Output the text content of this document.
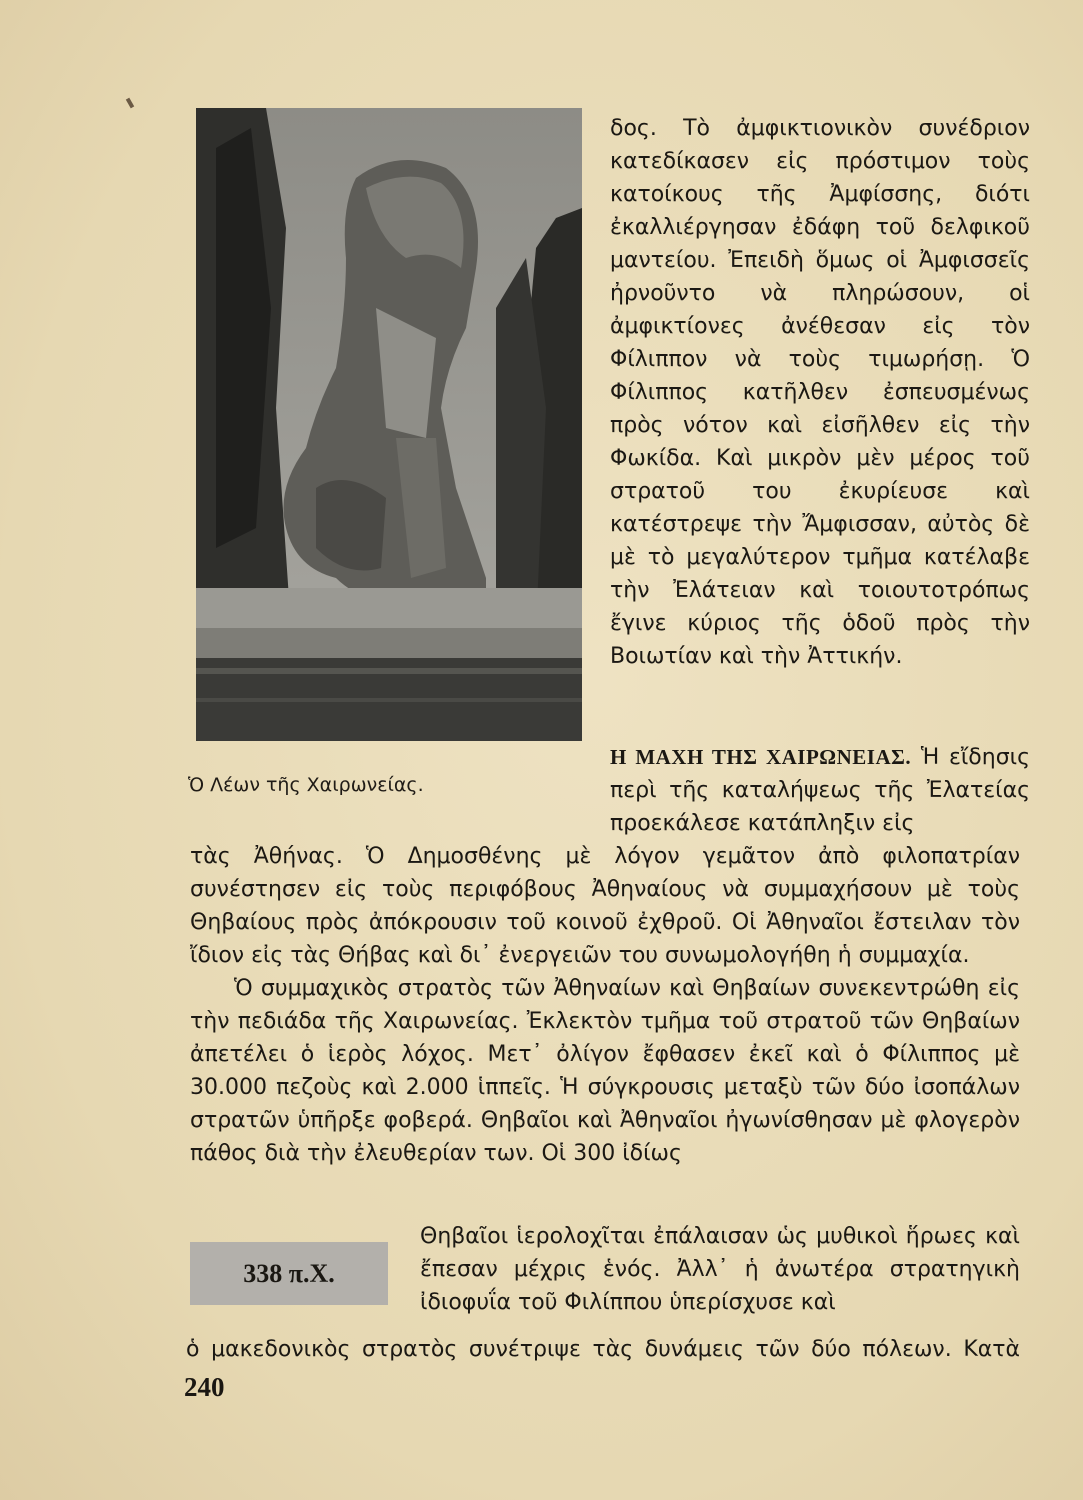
Ὁ Λέων τῆς Χαιρωνείας.

δος. Τὸ ἀμφικτιονικὸν συνέδριον κατεδίκασεν εἰς πρόστιμον τοὺς κατοίκους τῆς Ἀμφίσσης, διότι ἐκαλλιέργησαν ἐδάφη τοῦ δελφικοῦ μαντείου. Ἐπειδὴ ὅμως οἱ Ἀμφισσεῖς ἠρνοῦντο νὰ πληρώσουν, οἱ ἀμφικτίονες ἀνέθεσαν εἰς τὸν Φίλιππον νὰ τοὺς τιμωρήσῃ. Ὁ Φίλιππος κατῆλθεν ἐσπευσμένως πρὸς νότον καὶ εἰσῆλθεν εἰς τὴν Φωκίδα. Καὶ μικρὸν μὲν μέρος τοῦ στρατοῦ του ἐκυρίευσε καὶ κατέστρεψε τὴν Ἄμφισσαν, αὐτὸς δὲ μὲ τὸ μεγαλύτερον τμῆμα κατέλαβε τὴν Ἐλάτειαν καὶ τοιουτοτρόπως ἔγινε κύριος τῆς ὁδοῦ πρὸς τὴν Βοιωτίαν καὶ τὴν Ἀττικήν.

Η ΜΑΧΗ ΤΗΣ ΧΑΙΡΩΝΕΙΑΣ. Ἡ εἴδησις περὶ τῆς καταλήψεως τῆς Ἐλατείας προεκάλεσε κατάπληξιν εἰς

τὰς Ἀθήνας. Ὁ Δημοσθένης μὲ λόγον γεμᾶτον ἀπὸ φιλοπατρίαν συνέστησεν εἰς τοὺς περιφόβους Ἀθηναίους νὰ συμμαχήσουν μὲ τοὺς Θηβαίους πρὸς ἀπόκρουσιν τοῦ κοινοῦ ἐχθροῦ. Οἱ Ἀθηναῖοι ἔστειλαν τὸν ἴδιον εἰς τὰς Θήβας καὶ δι᾽ ἐνεργειῶν του συνωμολογήθη ἡ συμμαχία.

Ὁ συμμαχικὸς στρατὸς τῶν Ἀθηναίων καὶ Θηβαίων συνεκεντρώθη εἰς τὴν πεδιάδα τῆς Χαιρωνείας. Ἐκλεκτὸν τμῆμα τοῦ στρατοῦ τῶν Θηβαίων ἀπετέλει ὁ ἱερὸς λόχος. Μετ᾽ ὀλίγον ἔφθασεν ἐκεῖ καὶ ὁ Φίλιππος μὲ 30.000 πεζοὺς καὶ 2.000 ἱππεῖς. Ἡ σύγκρουσις μεταξὺ τῶν δύο ἰσοπάλων στρατῶν ὑπῆρξε φοβερά. Θηβαῖοι καὶ Ἀθηναῖοι ἠγωνίσθησαν μὲ φλογερὸν πάθος διὰ τὴν ἐλευθερίαν των. Οἱ 300 ἰδίως

338 π.Χ.

Θηβαῖοι ἱερολοχῖται ἐπάλαισαν ὡς μυθικοὶ ἥρωες καὶ ἔπεσαν μέχρις ἑνός. Ἀλλ᾽ ἡ ἀνωτέρα στρατηγικὴ ἰδιοφυΐα τοῦ Φιλίππου ὑπερίσχυσε καὶ

ὁ μακεδονικὸς στρατὸς συνέτριψε τὰς δυνάμεις τῶν δύο πόλεων. Κατὰ

240
